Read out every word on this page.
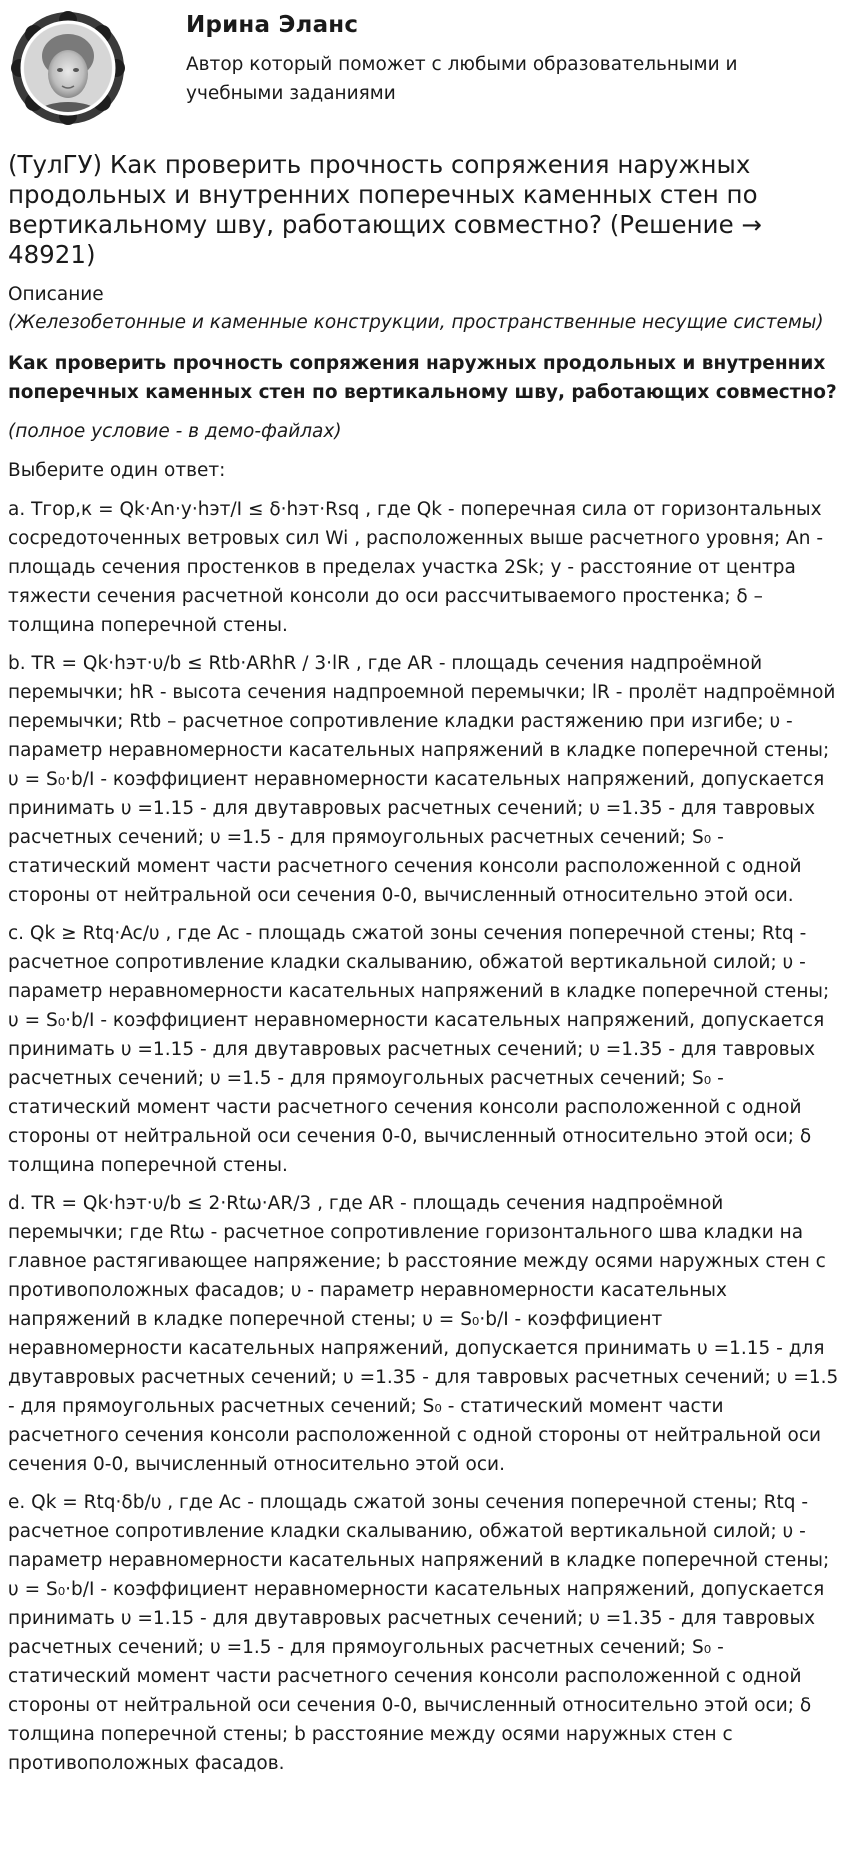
Ирина Эланс
Автор который поможет с любыми образовательными и учебными заданиями
(ТулГУ) Как проверить прочность сопряжения наружных продольных и внутренних поперечных каменных стен по вертикальному шву, работающих совместно? (Решение → 48921)
Описание
(Железобетонные и каменные конструкции, пространственные несущие системы)
Как проверить прочность сопряжения наружных продольных и внутренних поперечных каменных стен по вертикальному шву, работающих совместно?
(полное условие - в демо-файлах)
Выберите один ответ:
a. Тгор,к = Qk·An·y·hэт/I ≤ δ·hэт·Rsq , где Qk - поперечная сила от горизонтальных сосредоточенных ветровых сил Wi , расположенных выше расчетного уровня; An - площадь сечения простенков в пределах участка 2Sk; y - расстояние от центра тяжести сечения расчетной консоли до оси рассчитываемого простенка; δ –толщина поперечной стены.
b. TR = Qk·hэт·υ/b ≤ Rtb·ARhR / 3·lR , где AR - площадь сечения надпроёмной перемычки; hR - высота сечения надпроемной перемычки; lR - пролёт надпроёмной перемычки; Rtb – расчетное сопротивление кладки растяжению при изгибе; υ - параметр неравномерности касательных напряжений в кладке поперечной стены; υ = S₀·b/I - коэффициент неравномерности касательных напряжений, допускается принимать υ =1.15 - для двутавровых расчетных сечений; υ =1.35 - для тавровых расчетных сечений; υ =1.5 - для прямоугольных расчетных сечений; S₀ - статический момент части расчетного сечения консоли расположенной с одной стороны от нейтральной оси сечения 0-0, вычисленный относительно этой оси.
c. Qk ≥ Rtq·Ac/υ , где Ac - площадь сжатой зоны сечения поперечной стены; Rtq - расчетное сопротивление кладки скалыванию, обжатой вертикальной силой; υ - параметр неравномерности касательных напряжений в кладке поперечной стены; υ = S₀·b/I - коэффициент неравномерности касательных напряжений, допускается принимать υ =1.15 - для двутавровых расчетных сечений; υ =1.35 - для тавровых расчетных сечений; υ =1.5 - для прямоугольных расчетных сечений; S₀ - статический момент части расчетного сечения консоли расположенной с одной стороны от нейтральной оси сечения 0-0, вычисленный относительно этой оси; δ толщина поперечной стены.
d. TR = Qk·hэт·υ/b ≤ 2·Rtω·AR/3 , где AR - площадь сечения надпроёмной перемычки; где Rtω - расчетное сопротивление горизонтального шва кладки на главное растягивающее напряжение; b расстояние между осями наружных стен с противоположных фасадов; υ - параметр неравномерности касательных напряжений в кладке поперечной стены; υ = S₀·b/I - коэффициент неравномерности касательных напряжений, допускается принимать υ =1.15 - для двутавровых расчетных сечений; υ =1.35 - для тавровых расчетных сечений; υ =1.5 - для прямоугольных расчетных сечений; S₀ - статический момент части расчетного сечения консоли расположенной с одной стороны от нейтральной оси сечения 0-0, вычисленный относительно этой оси.
e. Qk = Rtq·δb/υ , где Ac - площадь сжатой зоны сечения поперечной стены; Rtq - расчетное сопротивление кладки скалыванию, обжатой вертикальной силой; υ - параметр неравномерности касательных напряжений в кладке поперечной стены; υ = S₀·b/I - коэффициент неравномерности касательных напряжений, допускается принимать υ =1.15 - для двутавровых расчетных сечений; υ =1.35 - для тавровых расчетных сечений; υ =1.5 - для прямоугольных расчетных сечений; S₀ - статический момент части расчетного сечения консоли расположенной с одной стороны от нейтральной оси сечения 0-0, вычисленный относительно этой оси; δ толщина поперечной стены; b расстояние между осями наружных стен с противоположных фасадов.
